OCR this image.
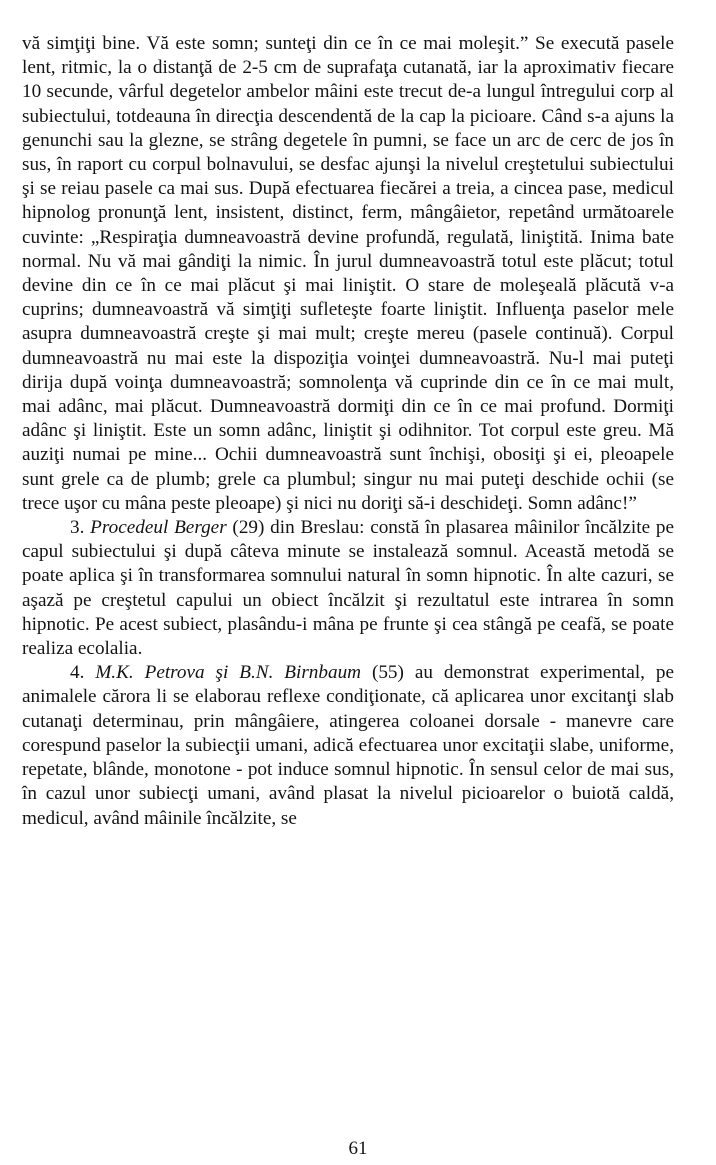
vă simţiţi bine. Vă este somn; sunteţi din ce în ce mai moleşit.” Se execută pasele lent, ritmic, la o distanţă de 2-5 cm de suprafaţa cutanată, iar la aproximativ fiecare 10 secunde, vârful degetelor ambelor mâini este trecut de-a lungul întregului corp al subiectului, totdeauna în direcţia descendentă de la cap la picioare. Când s-a ajuns la genunchi sau la glezne, se strâng degetele în pumni, se face un arc de cerc de jos în sus, în raport cu corpul bolnavului, se desfac ajunşi la nivelul creştetului subiectului şi se reiau pasele ca mai sus. După efectuarea fiecărei a treia, a cincea pase, medicul hipnolog pronunţă lent, insistent, distinct, ferm, mângâietor, repetând următoarele cuvinte: „Respiraţia dumneavoastră devine profundă, regulată, liniştită. Inima bate normal. Nu vă mai gândiţi la nimic. În jurul dumneavoastră totul este plăcut; totul devine din ce în ce mai plăcut şi mai liniştit. O stare de moleşeală plăcută v-a cuprins; dumneavoastră vă simţiţi sufleteşte foarte liniştit. Influenţa paselor mele asupra dumneavoastră creşte şi mai mult; creşte mereu (pasele continuă). Corpul dumneavoastră nu mai este la dispoziţia voinţei dumneavoastră. Nu-l mai puteţi dirija după voinţa dumneavoastră; somnolenţa vă cuprinde din ce în ce mai mult, mai adânc, mai plăcut. Dumneavoastră dormiţi din ce în ce mai profund. Dormiţi adânc şi liniştit. Este un somn adânc, liniştit şi odihnitor. Tot corpul este greu. Mă auziţi numai pe mine... Ochii dumneavoastră sunt închişi, obosiţi şi ei, pleoapele sunt grele ca de plumb; grele ca plumbul; singur nu mai puteţi deschide ochii (se trece uşor cu mâna peste pleoape) şi nici nu doriţi să-i deschideţi. Somn adânc!”

3. Procedeul Berger (29) din Breslau: constă în plasarea mâinilor încălzite pe capul subiectului şi după câteva minute se instalează somnul. Această metodă se poate aplica şi în transformarea somnului natural în somn hipnotic. În alte cazuri, se aşază pe creştetul capului un obiect încălzit şi rezultatul este intrarea în somn hipnotic. Pe acest subiect, plasându-i mâna pe frunte şi cea stângă pe ceafă, se poate realiza ecolalia.

4. M.K. Petrova şi B.N. Birnbaum (55) au demonstrat experimental, pe animalele cărora li se elaborau reflexe condiţionate, că aplicarea unor excitanţi slab cutanaţi determinau, prin mângâiere, atingerea coloanei dorsale - manevre care corespund paselor la subiecţii umani, adică efectuarea unor excitaţii slabe, uniforme, repetate, blânde, monotone - pot induce somnul hipnotic. În sensul celor de mai sus, în cazul unor subiecţi umani, având plasat la nivelul picioarelor o buiotă caldă, medicul, având mâinile încălzite, se

61
